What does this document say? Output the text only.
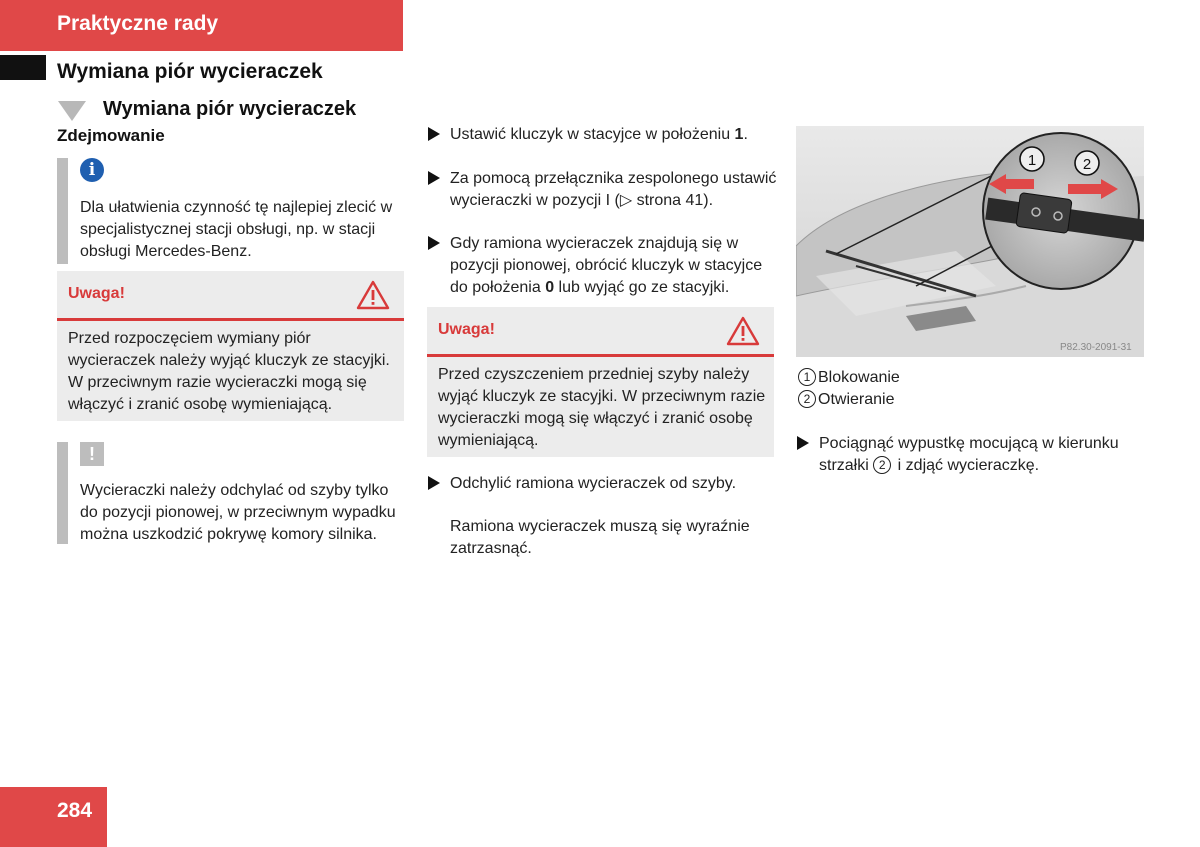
Praktyczne rady
Wymiana piór wycieraczek
Wymiana piór wycieraczek
Zdejmowanie
i
Dla ułatwienia czynność tę najlepiej zlecić w specjalistycznej stacji obsługi, np. w stacji obsługi Mercedes-Benz.
Uwaga!
Przed rozpoczęciem wymiany piór wycieraczek należy wyjąć kluczyk ze stacyjki. W przeciwnym razie wycieraczki mogą się włączyć i zranić osobę wymieniającą.
!
Wycieraczki należy odchylać od szyby tylko do pozycji pionowej, w przeciwnym wypadku można uszkodzić pokrywę komory silnika.
Ustawić kluczyk w stacyjce w położeniu 1.
Za pomocą przełącznika zespolonego ustawić wycieraczki w pozycji I (▷ strona 41).
Gdy ramiona wycieraczek znajdują się w pozycji pionowej, obrócić kluczyk w stacyjce do położenia 0 lub wyjąć go ze stacyjki.
Uwaga!
Przed czyszczeniem przedniej szyby należy wyjąć kluczyk ze stacyjki. W przeciwnym razie wycieraczki mogą się włączyć i zranić osobę wymieniającą.
Odchylić ramiona wycieraczek od szyby.
Ramiona wycieraczek muszą się wyraźnie zatrzasnąć.
1	2
P82.30-2091-31
1 Blokowanie
2 Otwieranie
Pociągnąć wypustkę mocującą w kierunku strzałki 2 i zdjąć wycieraczkę.
284
